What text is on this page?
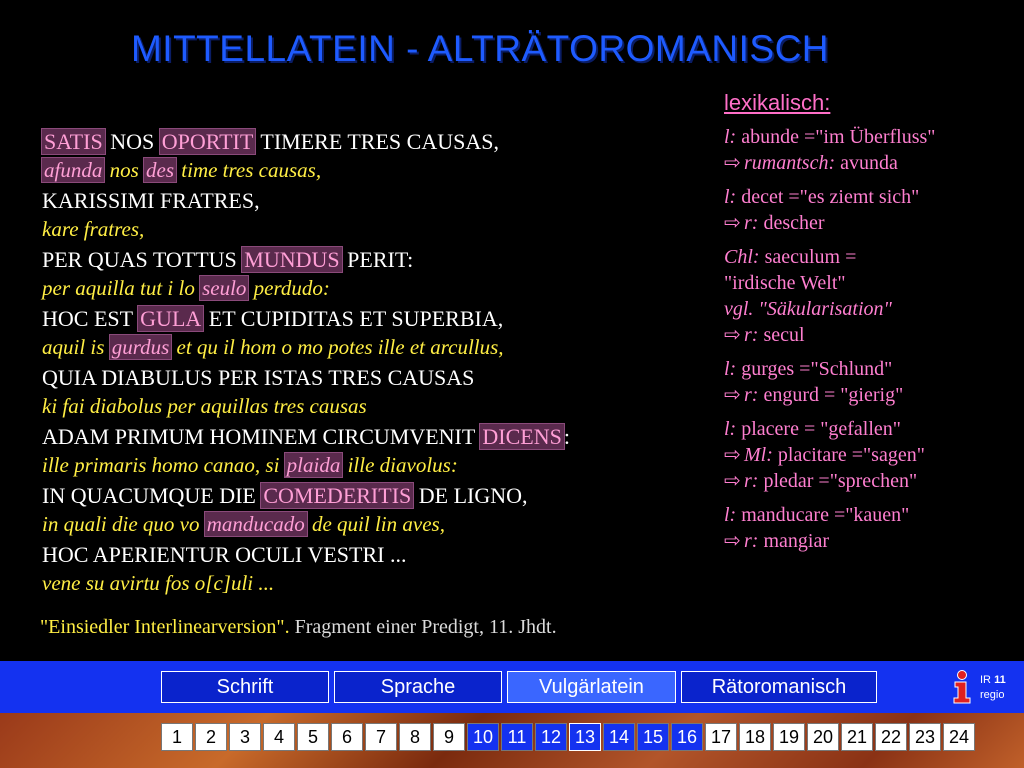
MITTELLATEIN - ALTRÄTOROMANISCH
SATIS NOS OPORTIT TIMERE TRES CAUSAS,
afunda nos des time tres causas,
KARISSIMI FRATRES,
kare fratres,
PER QUAS TOTTUS MUNDUS PERIT:
per aquilla tut i lo seulo perdudo:
HOC EST GULA ET CUPIDITAS ET SUPERBIA,
aquil is gurdus et qu il hom o mo potes ille et arcullus,
QUIA DIABULUS PER ISTAS TRES CAUSAS
ki fai diabolus per aquillas tres causas
ADAM PRIMUM HOMINEM CIRCUMVENIT DICENS:
ille primaris homo canao, si plaida ille diavolus:
IN QUACUMQUE DIE COMEDERITIS DE LIGNO,
in quali die quo vo manducado de quil lin aves,
HOC APERIENTUR OCULI VESTRI ...
vene su avirtu fos o[c]uli ...
"Einsiedler Interlinearversion". Fragment einer Predigt, 11. Jhdt.
lexikalisch:
l: abunde ="im Überfluss"
⇨ rumantsch: avunda
l: decet ="es ziemt sich"
⇨ r: descher
Chl: saeculum =
"irdische Welt"
vgl. "Säkularisation"
⇨ r: secul
l: gurges ="Schlund"
⇨ r: engurd = "gierig"
l: placere = "gefallen"
⇨ Ml: placitare ="sagen"
⇨ r: pledar ="sprechen"
l: manducare ="kauen"
⇨ r: mangiar
Schrift	Sprache	Vulgärlatein	Rätoromanisch	IR 11
regio
1	2	3	4	5	6	7	8	9	10 11 12 13 14 15 16 17 18 19 20 21 22 23 24
